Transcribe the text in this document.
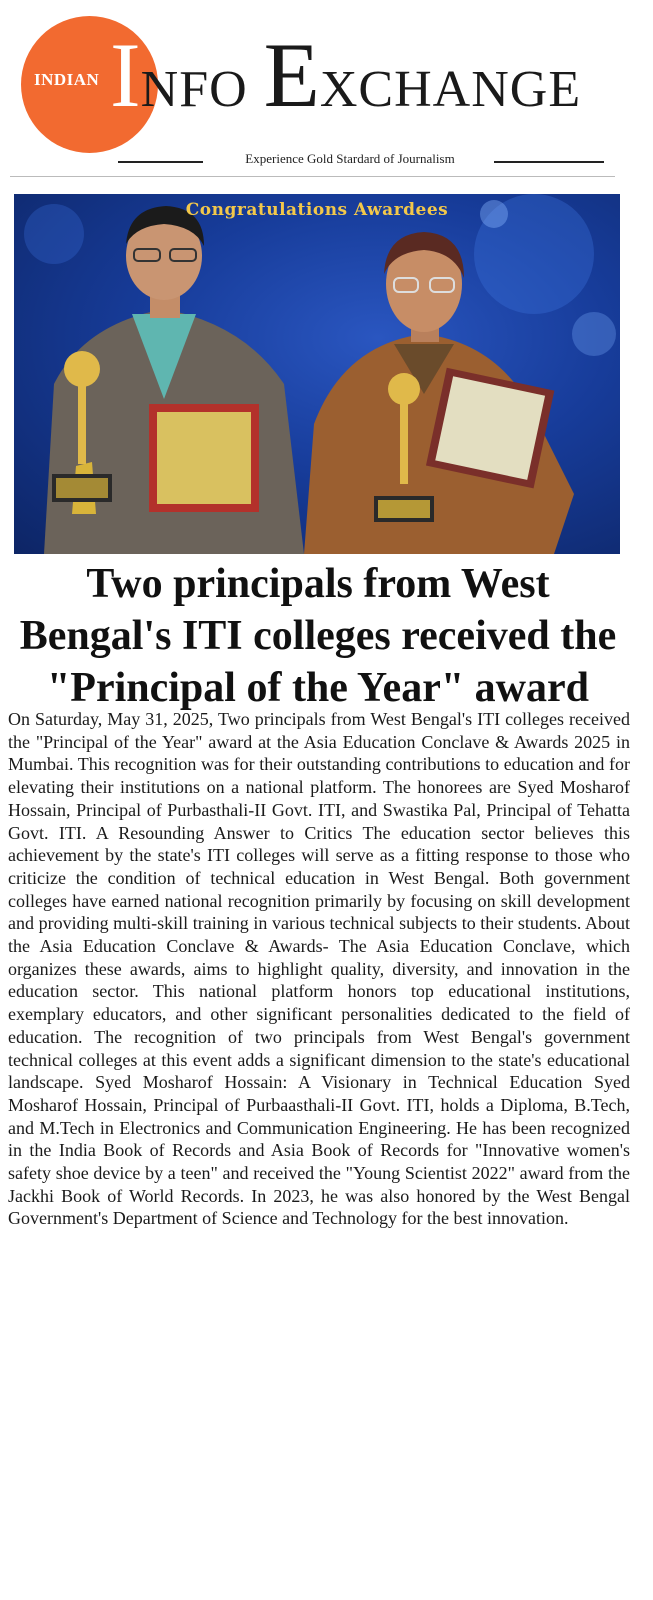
INDIAN INFO EXCHANGE
Experience Gold Stardard of Journalism
Congratulations Awardees
Two principals from West Bengal's ITI colleges received the "Principal of the Year" award
On Saturday, May 31, 2025, Two principals from West Bengal's ITI colleges received the "Principal of the Year" award at the Asia Education Conclave & Awards 2025 in Mumbai. This recognition was for their outstanding contributions to education and for elevating their institutions on a national platform. The honorees are Syed Mosharof Hossain, Principal of Purbasthali-II Govt. ITI, and Swastika Pal, Principal of Tehatta Govt. ITI. A Resounding Answer to Critics The education sector believes this achievement by the state's ITI colleges will serve as a fitting response to those who criticize the condition of technical education in West Bengal. Both government colleges have earned national recognition primarily by focusing on skill development and providing multi-skill training in various technical subjects to their students. About the Asia Education Conclave & Awards- The Asia Education Conclave, which organizes these awards, aims to highlight quality, diversity, and innovation in the education sector. This national platform honors top educational institutions, exemplary educators, and other significant personalities dedicated to the field of education. The recognition of two principals from West Bengal's government technical colleges at this event adds a significant dimension to the state's educational landscape. Syed Mosharof Hossain: A Visionary in Technical Education Syed Mosharof Hossain, Principal of Purbaasthali-II Govt. ITI, holds a Diploma, B.Tech, and M.Tech in Electronics and Communication Engineering. He has been recognized in the India Book of Records and Asia Book of Records for "Innovative women's safety shoe device by a teen" and received the "Young Scientist 2022" award from the Jackhi Book of World Records. In 2023, he was also honored by the West Bengal Government's Department of Science and Technology for the best innovation.
